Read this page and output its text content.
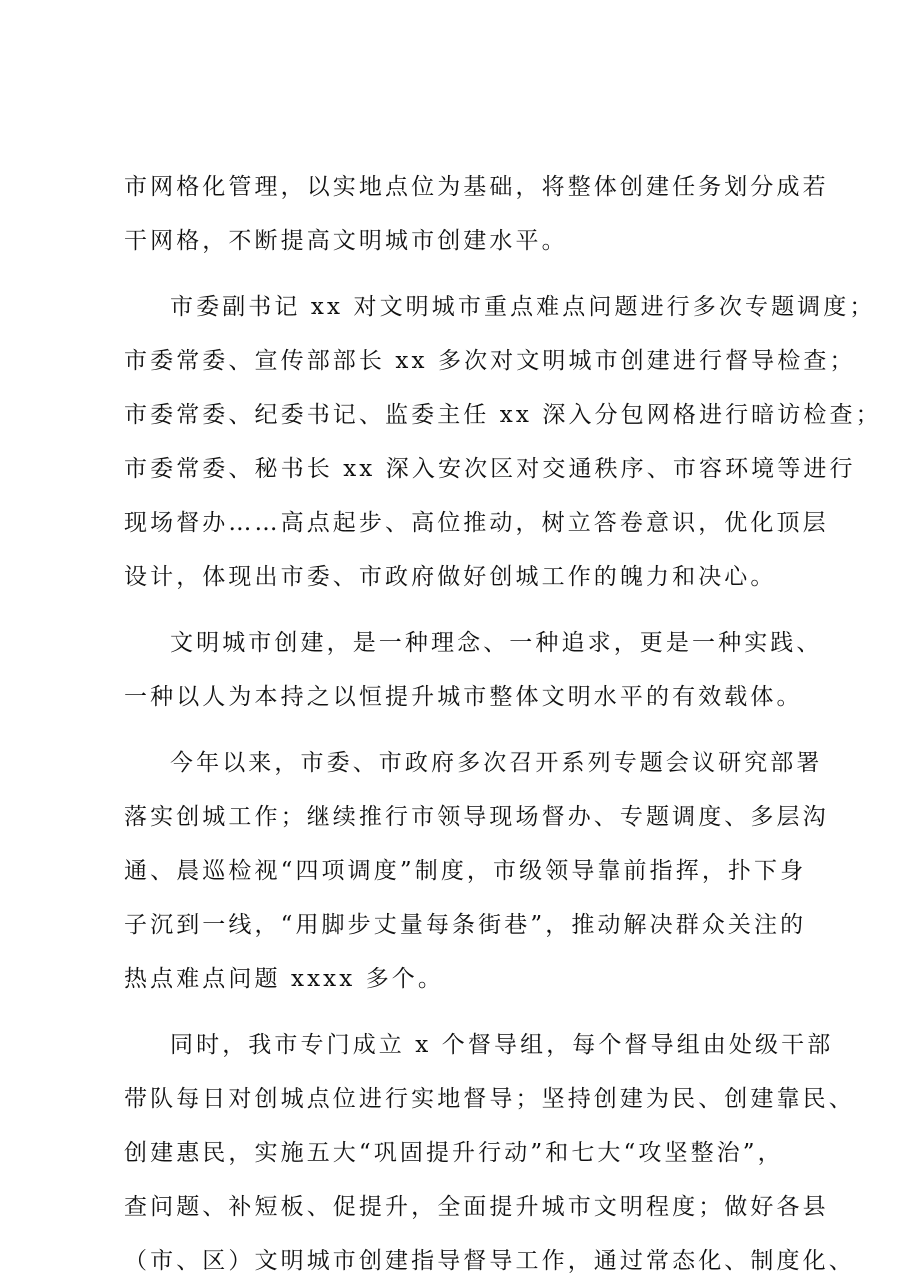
市网格化管理，以实地点位为基础，将整体创建任务划分成若
干网格，不断提高文明城市创建水平。
市委副书记 xx 对文明城市重点难点问题进行多次专题调度；
市委常委、宣传部部长 xx 多次对文明城市创建进行督导检查；
市委常委、纪委书记、监委主任 xx 深入分包网格进行暗访检查；
市委常委、秘书长 xx 深入安次区对交通秩序、市容环境等进行
现场督办……高点起步、高位推动，树立答卷意识，优化顶层
设计，体现出市委、市政府做好创城工作的魄力和决心。
文明城市创建，是一种理念、一种追求，更是一种实践、
一种以人为本持之以恒提升城市整体文明水平的有效载体。
今年以来，市委、市政府多次召开系列专题会议研究部署
落实创城工作；继续推行市领导现场督办、专题调度、多层沟
通、晨巡检视“四项调度”制度，市级领导靠前指挥，扑下身
子沉到一线，“用脚步丈量每条街巷”，推动解决群众关注的
热点难点问题 xxxx 多个。
同时，我市专门成立 x 个督导组，每个督导组由处级干部
带队每日对创城点位进行实地督导；坚持创建为民、创建靠民、
创建惠民，实施五大“巩固提升行动”和七大“攻坚整治”，
查问题、补短板、促提升，全面提升城市文明程度；做好各县
（市、区）文明城市创建指导督导工作，通过常态化、制度化、
